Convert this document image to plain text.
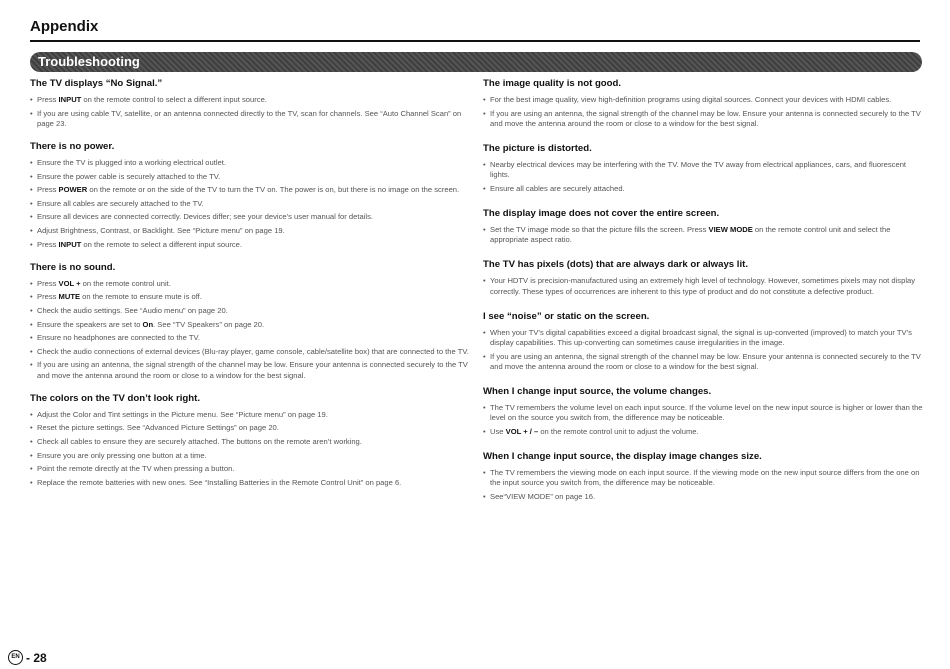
Appendix
Troubleshooting
The TV displays “No Signal.”
• Press INPUT on the remote control to select a different input source.
• If you are using cable TV, satellite, or an antenna connected directly to the TV, scan for channels. See “Auto Channel Scan” on page 23.
There is no power.
• Ensure the TV is plugged into a working electrical outlet.
• Ensure the power cable is securely attached to the TV.
• Press POWER on the remote or on the side of the TV to turn the TV on. The power is on, but there is no image on the screen.
• Ensure all cables are securely attached to the TV.
• Ensure all devices are connected correctly. Devices differ; see your device’s user manual for details.
• Adjust Brightness, Contrast, or Backlight. See “Picture menu” on page 19.
• Press INPUT on the remote to select a different input source.
There is no sound.
• Press VOL + on the remote control unit.
• Press MUTE on the remote to ensure mute is off.
• Check the audio settings. See “Audio menu” on page 20.
• Ensure the speakers are set to On. See “TV Speakers” on page 20.
• Ensure no headphones are connected to the TV.
• Check the audio connections of external devices (Blu-ray player, game console, cable/satellite box) that are connected to the TV.
• If you are using an antenna, the signal strength of the channel may be low. Ensure your antenna is connected securely to the TV and move the antenna around the room or close to a window for the best signal.
The colors on the TV don’t look right.
• Adjust the Color and Tint settings in the Picture menu. See “Picture menu” on page 19.
• Reset the picture settings. See “Advanced Picture Settings” on page 20.
• Check all cables to ensure they are securely attached. The buttons on the remote aren’t working.
• Ensure you are only pressing one button at a time.
• Point the remote directly at the TV when pressing a button.
• Replace the remote batteries with new ones. See “Installing Batteries in the Remote Control Unit” on page 6.
The image quality is not good.
• For the best image quality, view high-definition programs using digital sources. Connect your devices with HDMI cables.
• If you are using an antenna, the signal strength of the channel may be low. Ensure your antenna is connected securely to the TV and move the antenna around the room or close to a window for the best signal.
The picture is distorted.
• Nearby electrical devices may be interfering with the TV. Move the TV away from electrical appliances, cars, and fluorescent lights.
• Ensure all cables are securely attached.
The display image does not cover the entire screen.
• Set the TV image mode so that the picture fills the screen. Press VIEW MODE on the remote control unit and select the appropriate aspect ratio.
The TV has pixels (dots) that are always dark or always lit.
• Your HDTV is precision-manufactured using an extremely high level of technology. However, sometimes pixels may not display correctly. These types of occurrences are inherent to this type of product and do not constitute a defective product.
I see “noise” or static on the screen.
• When your TV’s digital capabilities exceed a digital broadcast signal, the signal is up-converted (improved) to match your TV’s display capabilities. This up-converting can sometimes cause irregularities in the image.
• If you are using an antenna, the signal strength of the channel may be low. Ensure your antenna is connected securely to the TV and move the antenna around the room or close to a window for the best signal.
When I change input source, the volume changes.
• The TV remembers the volume level on each input source. If the volume level on the new input source is higher or lower than the level on the source you switch from, the difference may be noticeable.
• Use VOL + / – on the remote control unit to adjust the volume.
When I change input source, the display image changes size.
• The TV remembers the viewing mode on each input source. If the viewing mode on the new input source differs from the one on the input source you switch from, the difference may be noticeable.
• See“VIEW MODE” on page 16.
EN - 28
